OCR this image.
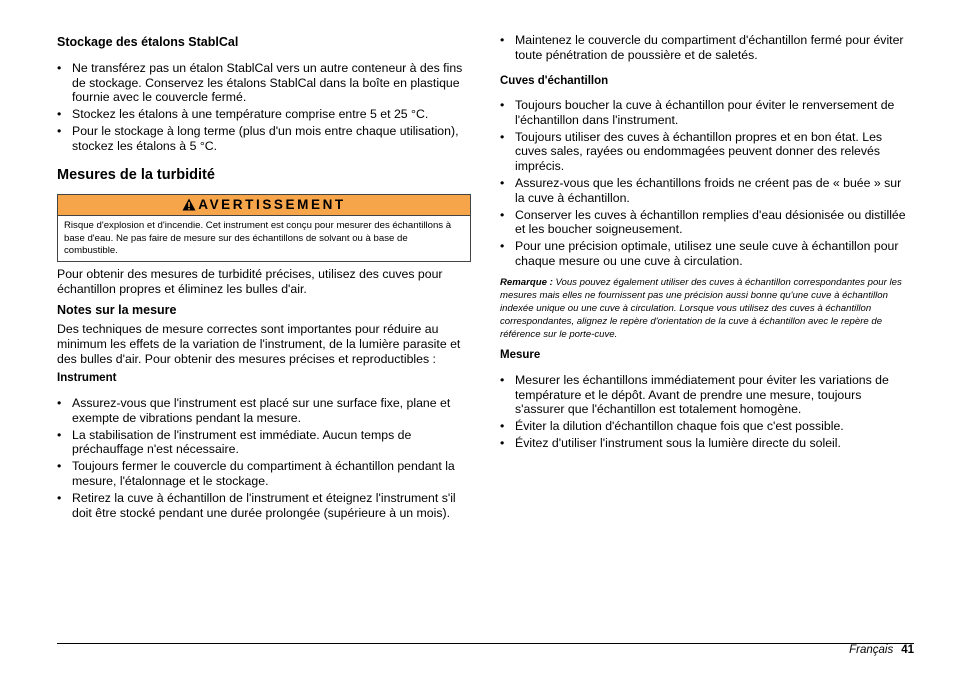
Stockage des étalons StablCal
• Ne transférez pas un étalon StablCal vers un autre conteneur à des fins de stockage. Conservez les étalons StablCal dans la boîte en plastique fournie avec le couvercle fermé.
• Stockez les étalons à une température comprise entre 5 et 25 °C.
• Pour le stockage à long terme (plus d'un mois entre chaque utilisation), stockez les étalons à 5 °C.
Mesures de la turbidité
AVERTISSEMENT
Risque d'explosion et d'incendie. Cet instrument est conçu pour mesurer des échantillons à base d'eau. Ne pas faire de mesure sur des échantillons de solvant ou à base de combustible.
Pour obtenir des mesures de turbidité précises, utilisez des cuves pour échantillon propres et éliminez les bulles d'air.
Notes sur la mesure
Des techniques de mesure correctes sont importantes pour réduire au minimum les effets de la variation de l'instrument, de la lumière parasite et des bulles d'air. Pour obtenir des mesures précises et reproductibles :
Instrument
• Assurez-vous que l'instrument est placé sur une surface fixe, plane et exempte de vibrations pendant la mesure.
• La stabilisation de l'instrument est immédiate. Aucun temps de préchauffage n'est nécessaire.
• Toujours fermer le couvercle du compartiment à échantillon pendant la mesure, l'étalonnage et le stockage.
• Retirez la cuve à échantillon de l'instrument et éteignez l'instrument s'il doit être stocké pendant une durée prolongée (supérieure à un mois).
• Maintenez le couvercle du compartiment d'échantillon fermé pour éviter toute pénétration de poussière et de saletés.
Cuves d'échantillon
• Toujours boucher la cuve à échantillon pour éviter le renversement de l'échantillon dans l'instrument.
• Toujours utiliser des cuves à échantillon propres et en bon état. Les cuves sales, rayées ou endommagées peuvent donner des relevés imprécis.
• Assurez-vous que les échantillons froids ne créent pas de « buée » sur la cuve à échantillon.
• Conserver les cuves à échantillon remplies d'eau désionisée ou distillée et les boucher soigneusement.
• Pour une précision optimale, utilisez une seule cuve à échantillon pour chaque mesure ou une cuve à circulation.
Remarque : Vous pouvez également utiliser des cuves à échantillon correspondantes pour les mesures mais elles ne fournissent pas une précision aussi bonne qu'une cuve à échantillon indexée unique ou une cuve à circulation. Lorsque vous utilisez des cuves à échantillon correspondantes, alignez le repère d'orientation de la cuve à échantillon avec le repère de référence sur le porte-cuve.
Mesure
• Mesurer les échantillons immédiatement pour éviter les variations de température et le dépôt. Avant de prendre une mesure, toujours s'assurer que l'échantillon est totalement homogène.
• Éviter la dilution d'échantillon chaque fois que c'est possible.
• Évitez d'utiliser l'instrument sous la lumière directe du soleil.
Français 41
